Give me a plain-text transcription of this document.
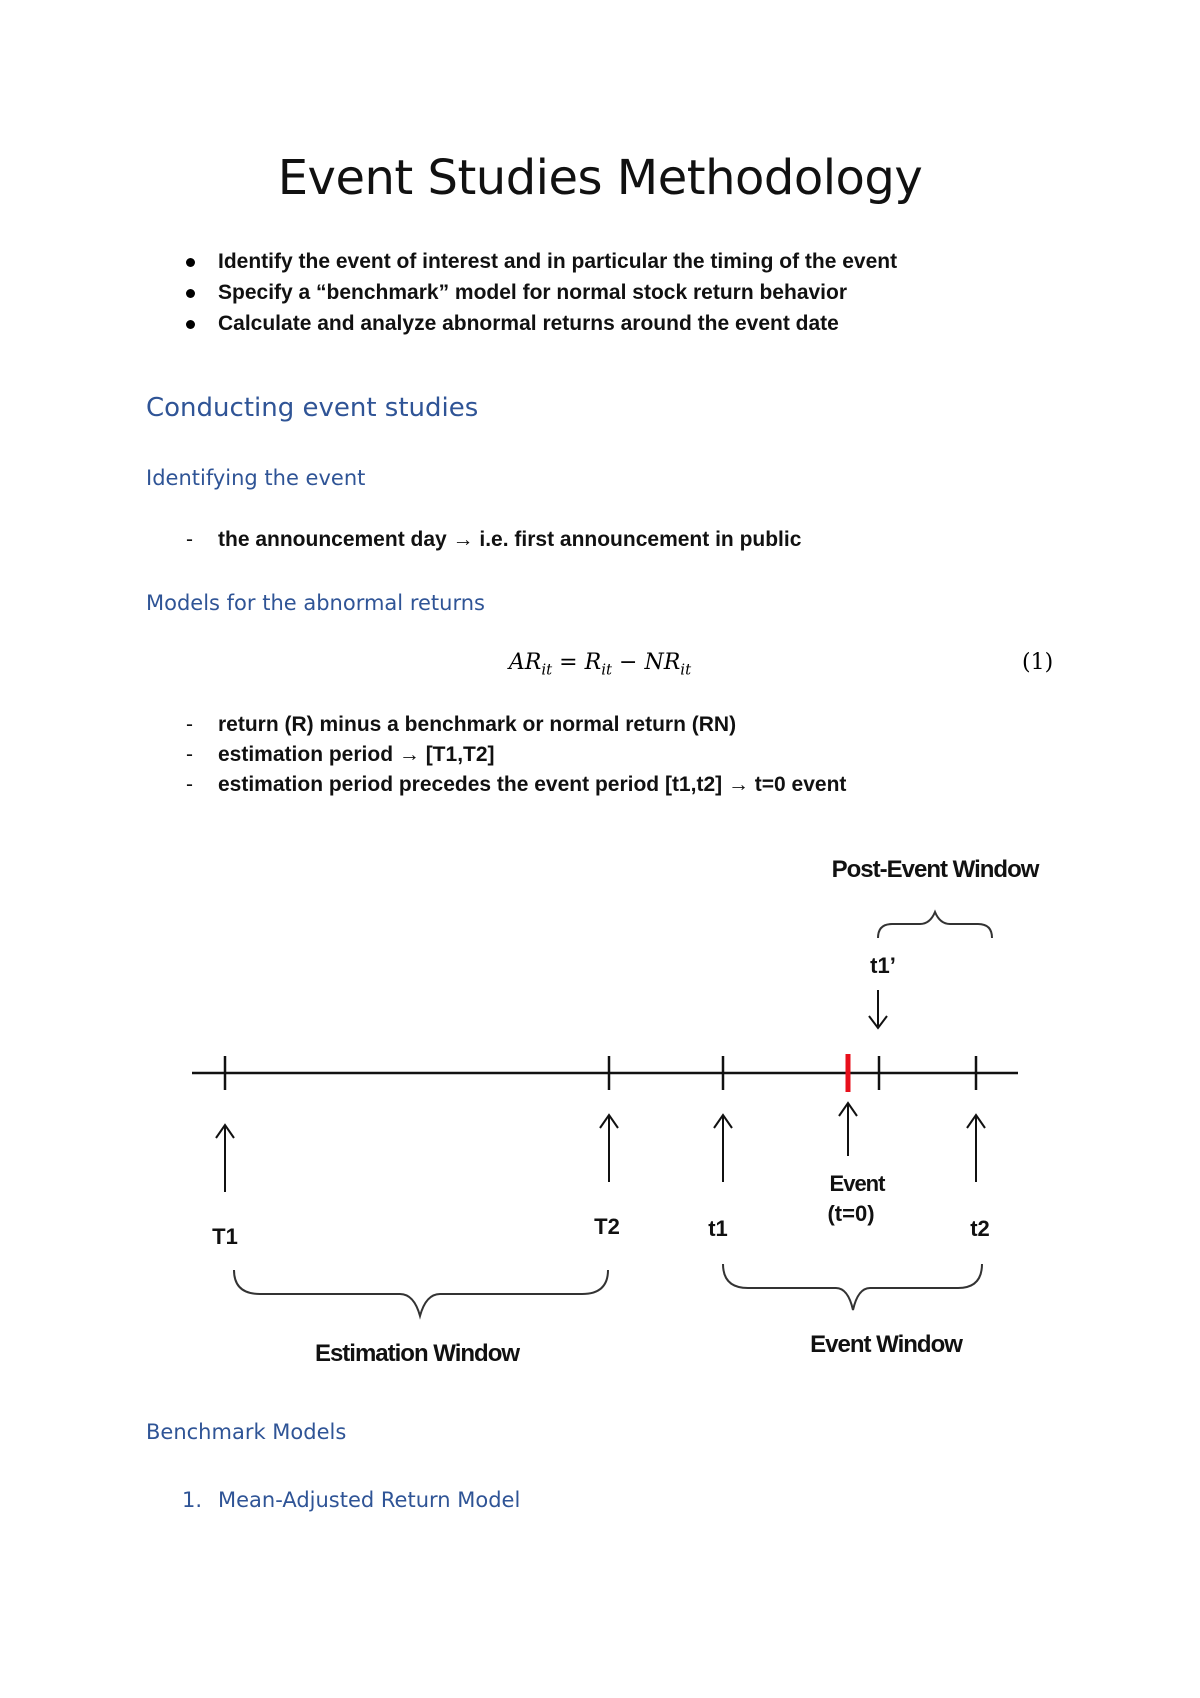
Event Studies Methodology
Identify the event of interest and in particular the timing of the event
Specify a “benchmark” model for normal stock return behavior
Calculate and analyze abnormal returns around the event date
Conducting event studies
Identifying the event
- the announcement day → i.e. first announcement in public
Models for the abnormal returns
$AR_{it} = R_{it} - NR_{it}$	(1)
- return (R) minus a benchmark or normal return (RN)
- estimation period → [T1,T2]
- estimation period precedes the event period [t1,t2] → t=0 event
Post-Event Window
t1’
T1	T2	t1
Event
(t=0)
t2
Estimation Window	Event Window
Benchmark Models
1. Mean-Adjusted Return Model
